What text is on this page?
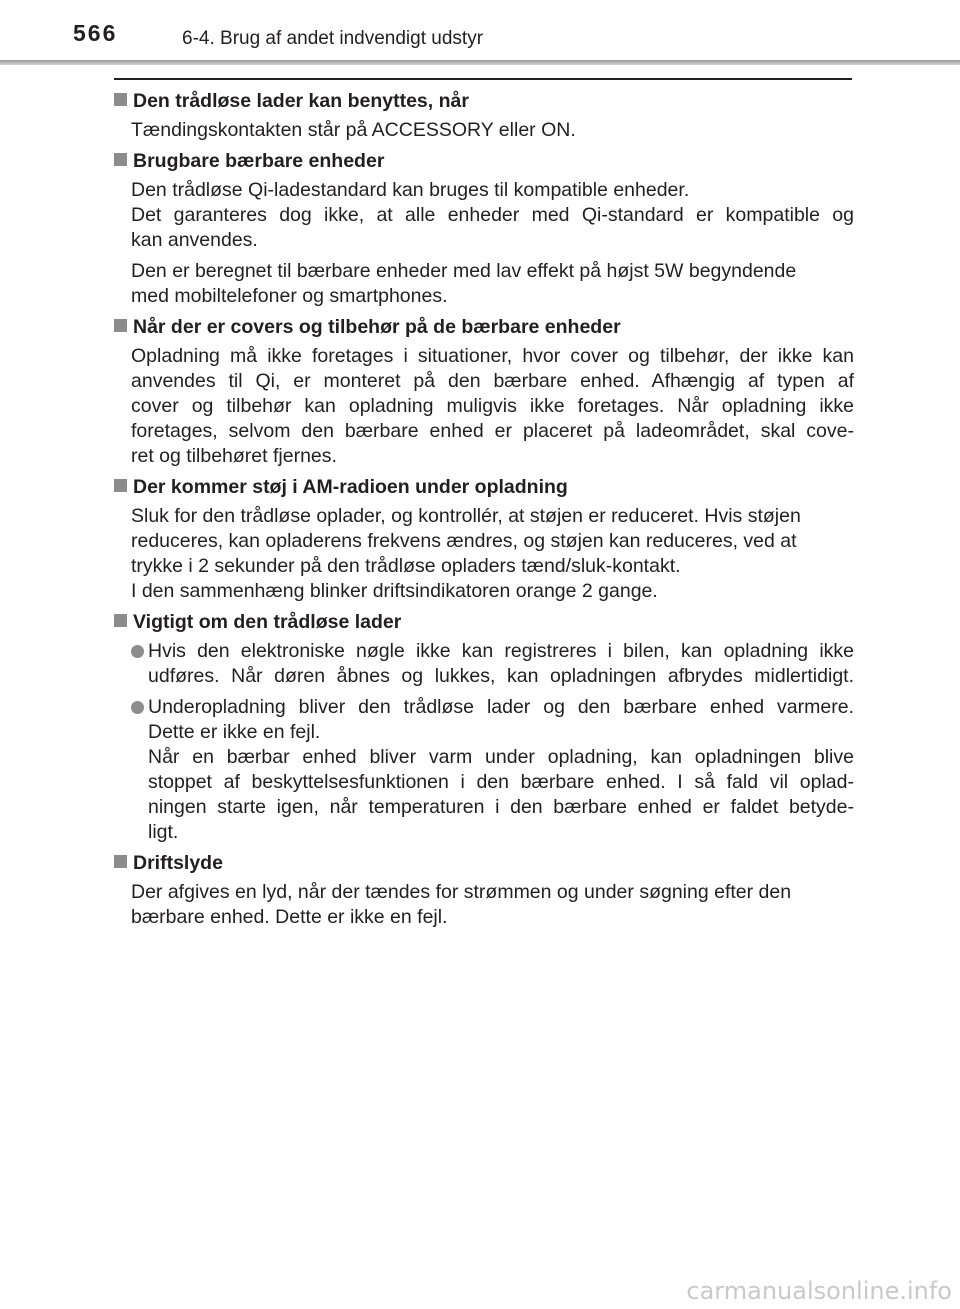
566	6-4. Brug af andet indvendigt udstyr
Den trådløse lader kan benyttes, når
Tændingskontakten står på ACCESSORY eller ON.
Brugbare bærbare enheder
Den trådløse Qi-ladestandard kan bruges til kompatible enheder.
Det garanteres dog ikke, at alle enheder med Qi-standard er kompatible og
kan anvendes.
Den er beregnet til bærbare enheder med lav effekt på højst 5W begyndende
med mobiltelefoner og smartphones.
Når der er covers og tilbehør på de bærbare enheder
Opladning må ikke foretages i situationer, hvor cover og tilbehør, der ikke kan
anvendes til Qi, er monteret på den bærbare enhed. Afhængig af typen af
cover og tilbehør kan opladning muligvis ikke foretages. Når opladning ikke
foretages, selvom den bærbare enhed er placeret på ladeområdet, skal cove-
ret og tilbehøret fjernes.
Der kommer støj i AM-radioen under opladning
Sluk for den trådløse oplader, og kontrollér, at støjen er reduceret. Hvis støjen
reduceres, kan opladerens frekvens ændres, og støjen kan reduceres, ved at
trykke i 2 sekunder på den trådløse opladers tænd/sluk-kontakt.
I den sammenhæng blinker driftsindikatoren orange 2 gange.
Vigtigt om den trådløse lader
Hvis den elektroniske nøgle ikke kan registreres i bilen, kan opladning ikke
udføres. Når døren åbnes og lukkes, kan opladningen afbrydes midlertidigt.
Underopladning bliver den trådløse lader og den bærbare enhed varmere.
Dette er ikke en fejl.
Når en bærbar enhed bliver varm under opladning, kan opladningen blive
stoppet af beskyttelsesfunktionen i den bærbare enhed. I så fald vil oplad-
ningen starte igen, når temperaturen i den bærbare enhed er faldet betyde-
ligt.
Driftslyde
Der afgives en lyd, når der tændes for strømmen og under søgning efter den
bærbare enhed. Dette er ikke en fejl.
carmanualsonline.info
